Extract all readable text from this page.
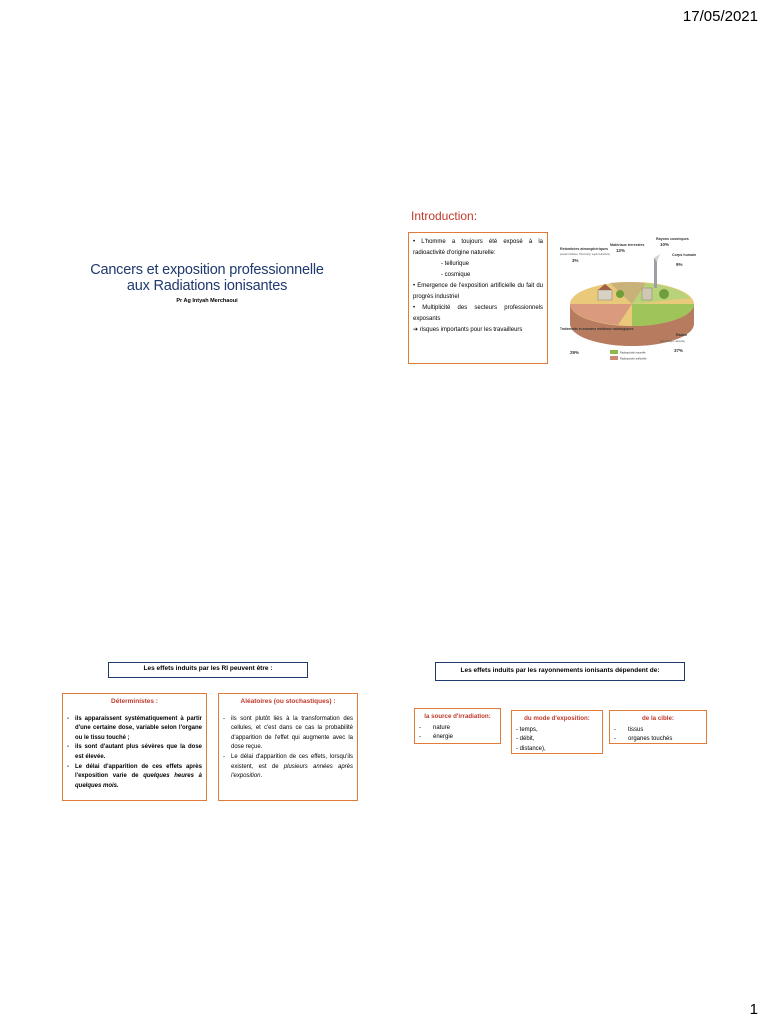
17/05/2021
Cancers et exposition professionnelle
aux Radiations ionisantes
Pr Ag Intyah Merchaoui
Introduction:
• L'homme a toujours été exposé à la radioactivité d'origine naturelle:
- tellurique
- cosmique
• Emergence de l'exposition artificielle du fait du progrès industriel
• Multiplicité des secteurs professionnels exposants
➔ risques importants pour les travailleurs
Rayons cosmiques
10%
Matériaux terrestres
12%
Retombées atmosphériques
(essais militaires, Tchernobyl, rejets industriels)
3%
Corps humain
9%
Traitements et examens médicaux radiologiques
29%
Radon
(gaz d'origine naturelle)
37%
Radioactivité naturelle
Radioactivité artificielle
Les effets induits par les RI peuvent être :
Déterministes :
- ils apparaissent systématiquement à partir d'une certaine dose, variable selon l'organe ou le tissu touché ;
- ils sont d'autant plus sévères que la dose est élevée.
- Le délai d'apparition de ces effets après l'exposition varie de quelques heures à quelques mois.
Aléatoires (ou stochastiques) :
- ils sont plutôt liés à la transformation des cellules, et c'est dans ce cas la probabilité d'apparition de l'effet qui augmente avec la dose reçue.
- Le délai d'apparition de ces effets, lorsqu'ils existent, est de plusieurs années après l'exposition.
Les effets induits par les rayonnements ionisants dépendent de:
la source d'irradiation:
- nature
- énergie
du mode d'exposition:
- temps,
- débit,
- distance),
de la cible:
- tissus
- organes touchés
1
